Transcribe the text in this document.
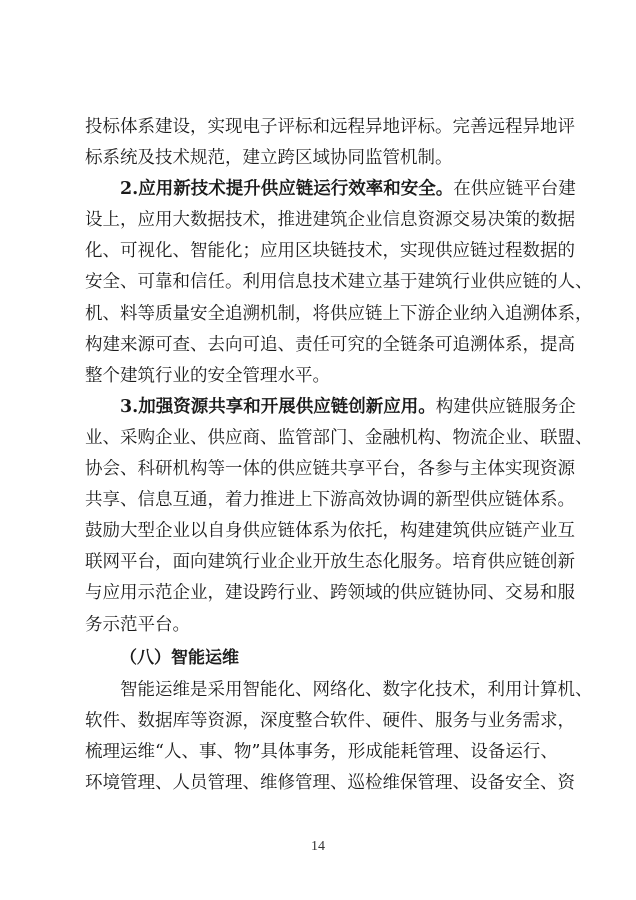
投标体系建设，实现电子评标和远程异地评标。完善远程异地评
标系统及技术规范，建立跨区域协同监管机制。
2.应用新技术提升供应链运行效率和安全。在供应链平台建
设上，应用大数据技术，推进建筑企业信息资源交易决策的数据
化、可视化、智能化；应用区块链技术，实现供应链过程数据的
安全、可靠和信任。利用信息技术建立基于建筑行业供应链的人、
机、料等质量安全追溯机制，将供应链上下游企业纳入追溯体系，
构建来源可查、去向可追、责任可究的全链条可追溯体系，提高
整个建筑行业的安全管理水平。
3.加强资源共享和开展供应链创新应用。构建供应链服务企
业、采购企业、供应商、监管部门、金融机构、物流企业、联盟、
协会、科研机构等一体的供应链共享平台，各参与主体实现资源
共享、信息互通，着力推进上下游高效协调的新型供应链体系。
鼓励大型企业以自身供应链体系为依托，构建建筑供应链产业互
联网平台，面向建筑行业企业开放生态化服务。培育供应链创新
与应用示范企业，建设跨行业、跨领域的供应链协同、交易和服
务示范平台。
（八）智能运维
智能运维是采用智能化、网络化、数字化技术，利用计算机、
软件、数据库等资源，深度整合软件、硬件、服务与业务需求，
梳理运维“人、事、物”具体事务，形成能耗管理、设备运行、
环境管理、人员管理、维修管理、巡检维保管理、设备安全、资
14
